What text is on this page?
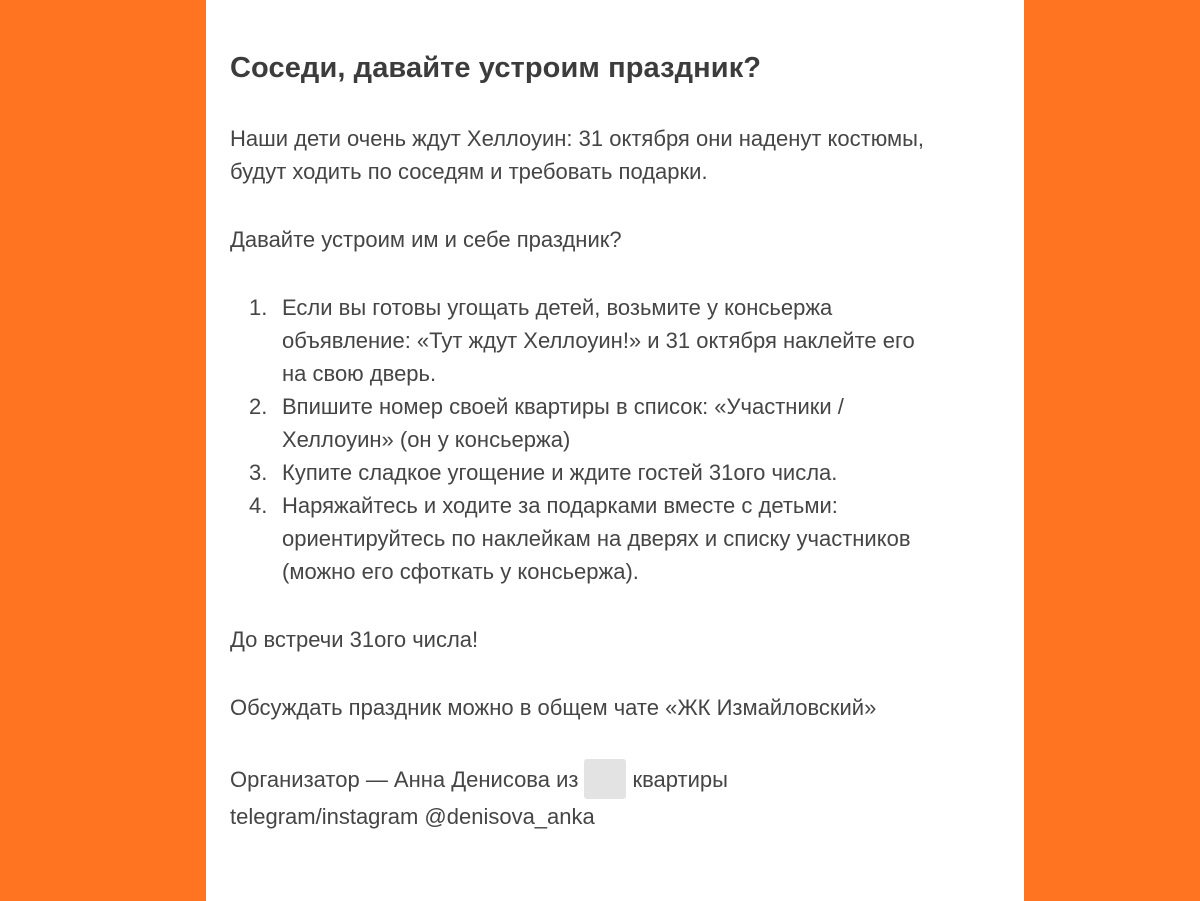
Соседи, давайте устроим праздник?

Наши дети очень ждут Хеллоуин: 31 октября они наденут костюмы,
будут ходить по соседям и требовать подарки.

Давайте устроим им и себе праздник?

1. Если вы готовы угощать детей, возьмите у консьержа
объявление: «Тут ждут Хеллоуин!» и 31 октября наклейте его
на свою дверь.
2. Впишите номер своей квартиры в список: «Участники /
Хеллоуин» (он у консьержа)
3. Купите сладкое угощение и ждите гостей 31ого числа.
4. Наряжайтесь и ходите за подарками вместе с детьми:
ориентируйтесь по наклейкам на дверях и списку участников
(можно его сфоткать у консьержа).

До встречи 31ого числа!

Обсуждать праздник можно в общем чате «ЖК Измайловский»

Организатор — Анна Денисова из квартиры
telegram/instagram @denisova_anka
